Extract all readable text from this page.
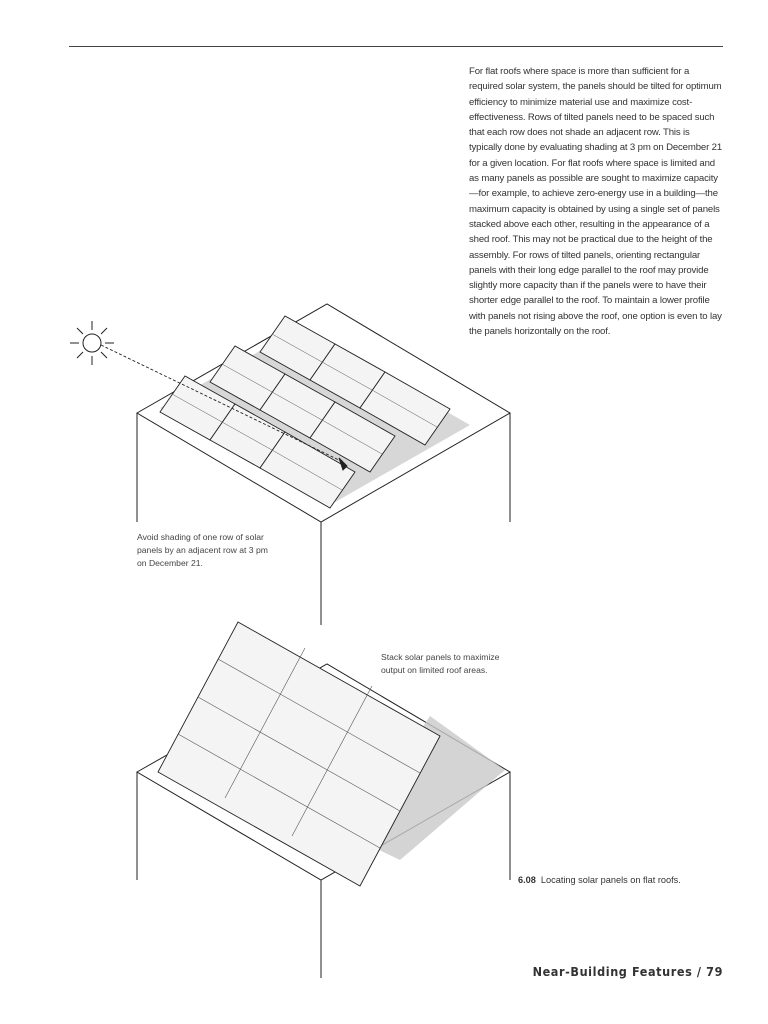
For flat roofs where space is more than sufficient for a required solar system, the panels should be tilted for optimum efficiency to minimize material use and maximize cost-effectiveness. Rows of tilted panels need to be spaced such that each row does not shade an adjacent row. This is typically done by evaluating shading at 3 pm on December 21 for a given location. For flat roofs where space is limited and as many panels as possible are sought to maximize capacity—for example, to achieve zero-energy use in a building—the maximum capacity is obtained by using a single set of panels stacked above each other, resulting in the appearance of a shed roof. This may not be practical due to the height of the assembly. For rows of tilted panels, orienting rectangular panels with their long edge parallel to the roof may provide slightly more capacity than if the panels were to have their shorter edge parallel to the roof. To maintain a lower profile with panels not rising above the roof, one option is even to lay the panels horizontally on the roof.

Avoid shading of one row of solar panels by an adjacent row at 3 pm on December 21.
Stack solar panels to maximize output on limited roof areas.
6.08 Locating solar panels on flat roofs.
Near-Building Features / 79
